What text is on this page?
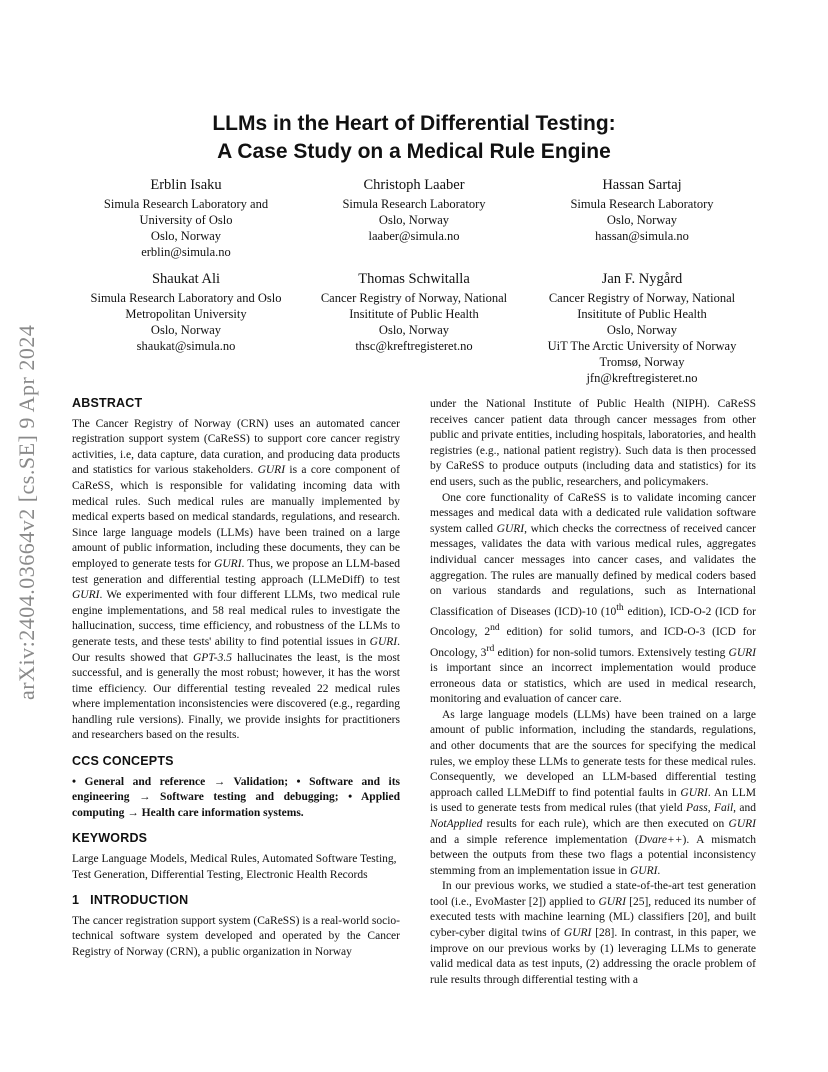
arXiv:2404.03664v2 [cs.SE] 9 Apr 2024
LLMs in the Heart of Differential Testing:
A Case Study on a Medical Rule Engine
Erblin Isaku
Simula Research Laboratory and
University of Oslo
Oslo, Norway
erblin@simula.no
Christoph Laaber
Simula Research Laboratory
Oslo, Norway
laaber@simula.no
Hassan Sartaj
Simula Research Laboratory
Oslo, Norway
hassan@simula.no
Shaukat Ali
Simula Research Laboratory and Oslo
Metropolitan University
Oslo, Norway
shaukat@simula.no
Thomas Schwitalla
Cancer Registry of Norway, National
Insititute of Public Health
Oslo, Norway
thsc@kreftregisteret.no
Jan F. Nygård
Cancer Registry of Norway, National
Insititute of Public Health
Oslo, Norway
UiT The Arctic University of Norway
Tromsø, Norway
jfn@kreftregisteret.no
ABSTRACT

The Cancer Registry of Norway (CRN) uses an automated cancer registration support system (CaReSS) to support core cancer registry activities, i.e, data capture, data curation, and producing data products and statistics for various stakeholders. GURI is a core component of CaReSS, which is responsible for validating incoming data with medical rules. Such medical rules are manually implemented by medical experts based on medical standards, regulations, and research. Since large language models (LLMs) have been trained on a large amount of public information, including these documents, they can be employed to generate tests for GURI. Thus, we propose an LLM-based test generation and differential testing approach (LLMeDiff) to test GURI. We experimented with four different LLMs, two medical rule engine implementations, and 58 real medical rules to investigate the hallucination, success, time efficiency, and robustness of the LLMs to generate tests, and these tests' ability to find potential issues in GURI. Our results showed that GPT-3.5 hallucinates the least, is the most successful, and is generally the most robust; however, it has the worst time efficiency. Our differential testing revealed 22 medical rules where implementation inconsistencies were discovered (e.g., regarding handling rule versions). Finally, we provide insights for practitioners and researchers based on the results.

CCS CONCEPTS

• General and reference → Validation; • Software and its engineering → Software testing and debugging; • Applied computing → Health care information systems.

KEYWORDS

Large Language Models, Medical Rules, Automated Software Testing, Test Generation, Differential Testing, Electronic Health Records

1   INTRODUCTION

The cancer registration support system (CaReSS) is a real-world socio-technical software system developed and operated by the Cancer Registry of Norway (CRN), a public organization in Norway

under the National Institute of Public Health (NIPH). CaReSS receives cancer patient data through cancer messages from other public and private entities, including hospitals, laboratories, and health registries (e.g., national patient registry). Such data is then processed by CaReSS to produce outputs (including data and statistics) for its end users, such as the public, researchers, and policymakers.

One core functionality of CaReSS is to validate incoming cancer messages and medical data with a dedicated rule validation software system called GURI, which checks the correctness of received cancer messages, validates the data with various medical rules, aggregates individual cancer messages into cancer cases, and validates the aggregation. The rules are manually defined by medical coders based on various standards and regulations, such as International Classification of Diseases (ICD)-10 (10th edition), ICD-O-2 (ICD for Oncology, 2nd edition) for solid tumors, and ICD-O-3 (ICD for Oncology, 3rd edition) for non-solid tumors. Extensively testing GURI is important since an incorrect implementation would produce erroneous data or statistics, which are used in medical research, monitoring and evaluation of cancer care.

As large language models (LLMs) have been trained on a large amount of public information, including the standards, regulations, and other documents that are the sources for specifying the medical rules, we employ these LLMs to generate tests for these medical rules. Consequently, we developed an LLM-based differential testing approach called LLMeDiff to find potential faults in GURI. An LLM is used to generate tests from medical rules (that yield Pass, Fail, and NotApplied results for each rule), which are then executed on GURI and a simple reference implementation (Dvare++). A mismatch between the outputs from these two flags a potential inconsistency stemming from an implementation issue in GURI.

In our previous works, we studied a state-of-the-art test generation tool (i.e., EvoMaster [2]) applied to GURI [25], reduced its number of executed tests with machine learning (ML) classifiers [20], and built cyber-cyber digital twins of GURI [28]. In contrast, in this paper, we improve on our previous works by (1) leveraging LLMs to generate valid medical data as test inputs, (2) addressing the oracle problem of rule results through differential testing with a
